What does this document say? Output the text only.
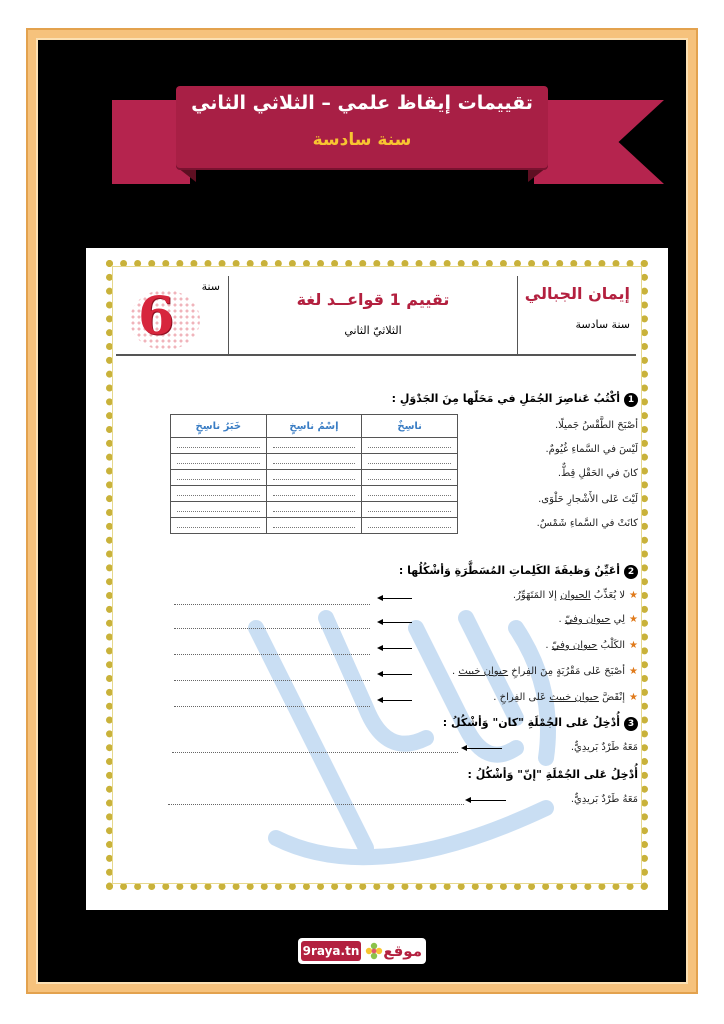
تقييمات إيقاظ علمي – الثلاثي الثاني
سنة سادسة
إيمان الجبالي
سنة سادسة
تقييم 1 قواعــد لغة
الثلاثيّ الثاني
6 سنة
1أكْتُبُ عَناصِرَ الجُمَلِ في مَحَلّها مِنَ الجَدْوَلِ :
أصْبَحَ الطَّقْسُ جَميلًا.
لَيْسَ في السَّماءِ غُيُومٌ.
كانَ في الحَقْلِ قِطٌّ.
لَيْتَ عَلى الأَشْجارِ حَلْوَى.
كانَتْ في السَّماءِ شَمْسٌ.
خَبَرُ ناسِخٍ	إسْمُ ناسِخٍ	ناسِخٌ

2أعَيِّنُ وَظيفَةَ الكَلِماتِ المُسَطَّرَةِ وَأشْكُلُها :
★لا يُعَذِّبُ الحيوان إلا المَتَهَوِّرُ.
★لِي حيوان وفيّ .
★الكَلْبُ حيوان وفيّ .
★أصْبَحَ عَلى مَقْرُبَةٍ مِنَ الفِراخِ حيوان خبيث .
★إنْقَضَّ حيوان خبيث عَلى الفِراخِ .
3أُدْخِلُ عَلى الجُمْلَةِ "كان" وَأشْكُلُ :
مَعَهُ طَرْدٌ بَريدِيٌّ.
أُدْخِلُ عَلى الجُمْلَةِ "إنّ" وَأشْكُلُ :
مَعَهُ طَرْدٌ بَريدِيٌّ.
9raya.tn موقع
